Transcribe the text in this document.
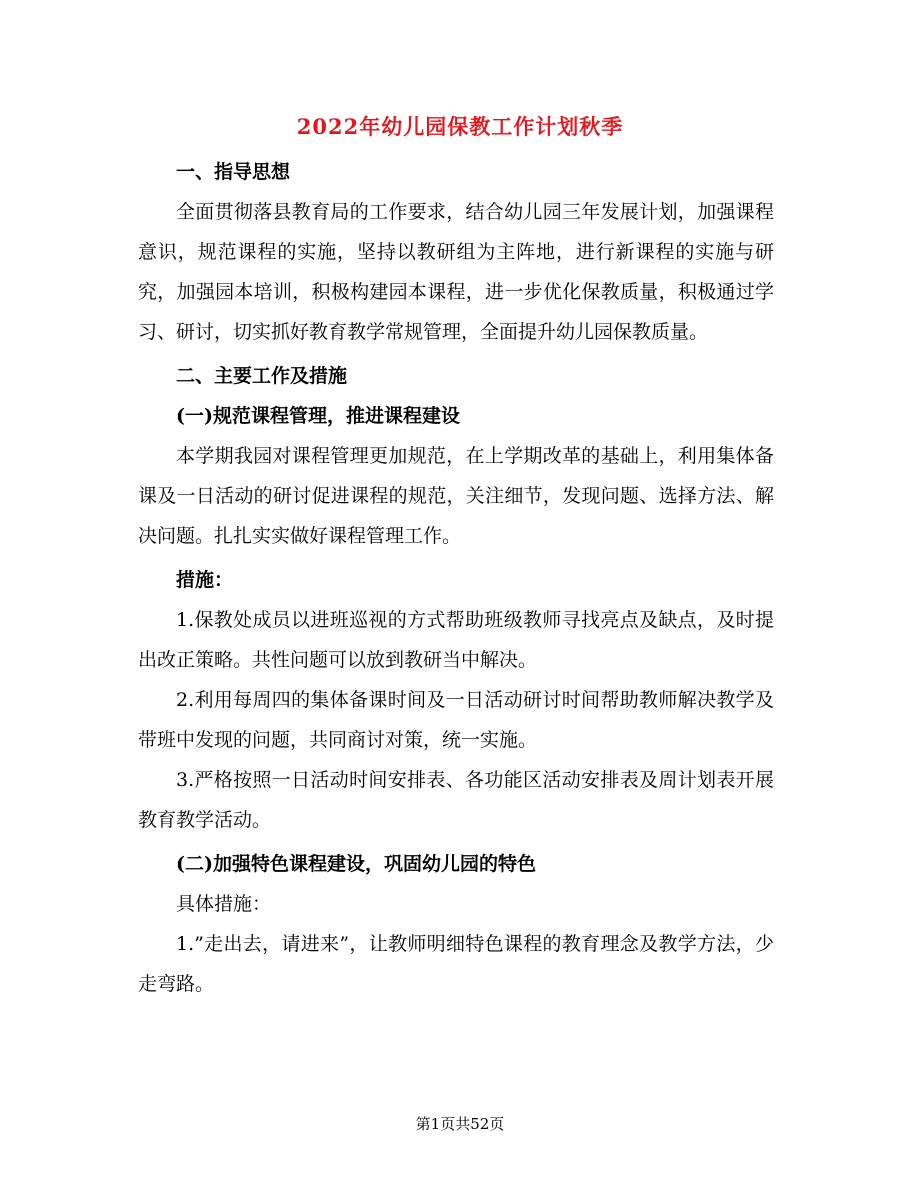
2022年幼儿园保教工作计划秋季

一、指导思想

全面贯彻落县教育局的工作要求，结合幼儿园三年发展计划，加强课程意识，规范课程的实施，坚持以教研组为主阵地，进行新课程的实施与研究，加强园本培训，积极构建园本课程，进一步优化保教质量，积极通过学习、研讨，切实抓好教育教学常规管理，全面提升幼儿园保教质量。

二、主要工作及措施

(一)规范课程管理，推进课程建设

本学期我园对课程管理更加规范，在上学期改革的基础上，利用集体备课及一日活动的研讨促进课程的规范，关注细节，发现问题、选择方法、解决问题。扎扎实实做好课程管理工作。

措施：

1.保教处成员以进班巡视的方式帮助班级教师寻找亮点及缺点，及时提出改正策略。共性问题可以放到教研当中解决。

2.利用每周四的集体备课时间及一日活动研讨时间帮助教师解决教学及带班中发现的问题，共同商讨对策，统一实施。

3.严格按照一日活动时间安排表、各功能区活动安排表及周计划表开展教育教学活动。

(二)加强特色课程建设，巩固幼儿园的特色

具体措施：

1.”走出去，请进来”，让教师明细特色课程的教育理念及教学方法，少走弯路。

第1页共52页
